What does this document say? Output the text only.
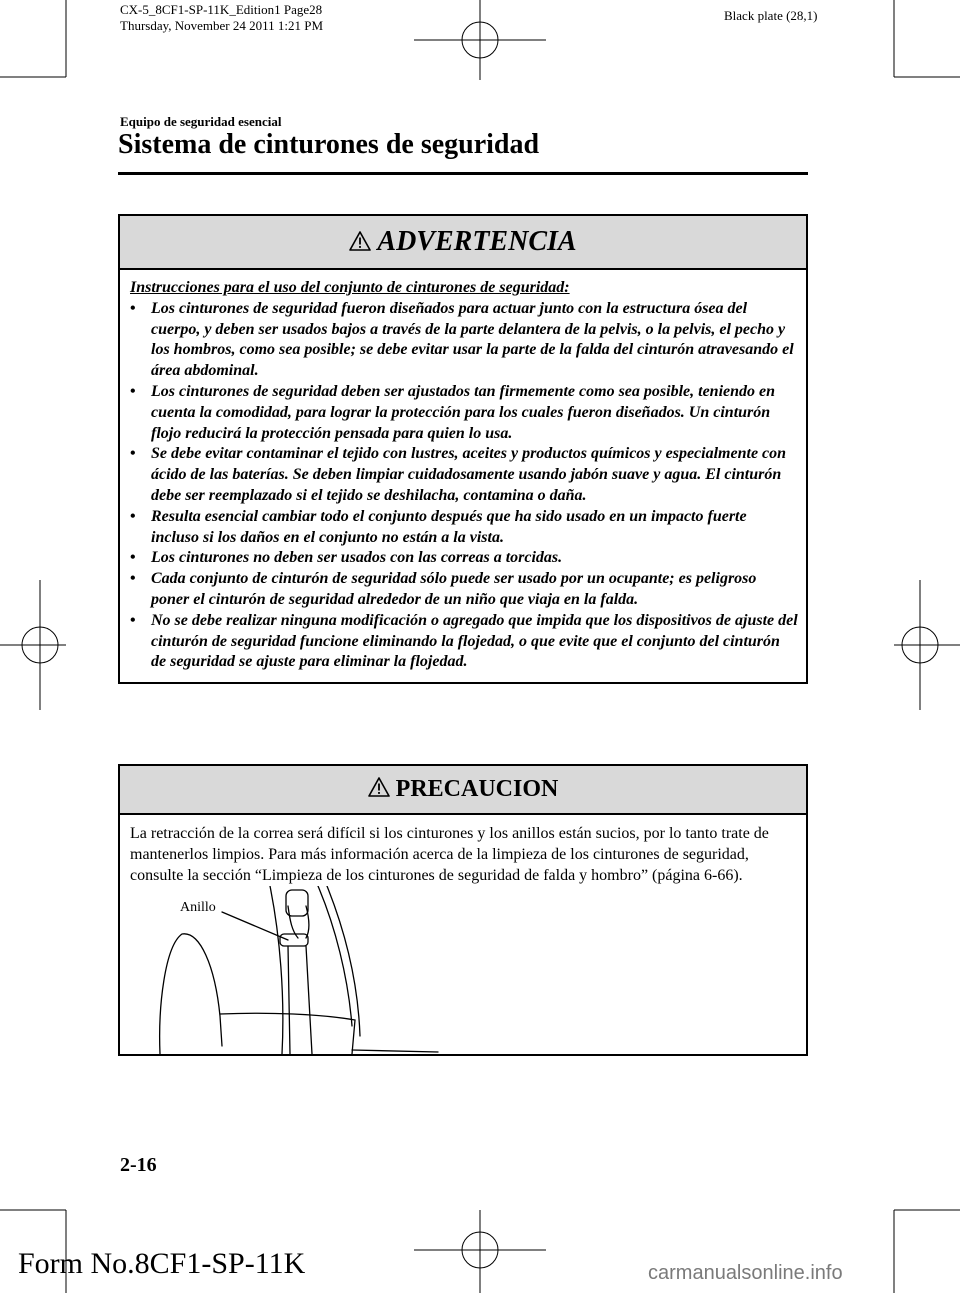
CX-5_8CF1-SP-11K_Edition1 Page28
Thursday, November 24 2011 1:21 PM
Black plate (28,1)
Equipo de seguridad esencial
Sistema de cinturones de seguridad
ADVERTENCIA
Instrucciones para el uso del conjunto de cinturones de seguridad:
• Los cinturones de seguridad fueron diseñados para actuar junto con la estructura ósea del cuerpo, y deben ser usados bajos a través de la parte delantera de la pelvis, o la pelvis, el pecho y los hombros, como sea posible; se debe evitar usar la parte de la falda del cinturón atravesando el área abdominal.
• Los cinturones de seguridad deben ser ajustados tan firmemente como sea posible, teniendo en cuenta la comodidad, para lograr la protección para los cuales fueron diseñados. Un cinturón flojo reducirá la protección pensada para quien lo usa.
• Se debe evitar contaminar el tejido con lustres, aceites y productos químicos y especialmente con ácido de las baterías. Se deben limpiar cuidadosamente usando jabón suave y agua. El cinturón debe ser reemplazado si el tejido se deshilacha, contamina o daña.
• Resulta esencial cambiar todo el conjunto después que ha sido usado en un impacto fuerte incluso si los daños en el conjunto no están a la vista.
• Los cinturones no deben ser usados con las correas a torcidas.
• Cada conjunto de cinturón de seguridad sólo puede ser usado por un ocupante; es peligroso poner el cinturón de seguridad alrededor de un niño que viaja en la falda.
• No se debe realizar ninguna modificación o agregado que impida que los dispositivos de ajuste del cinturón de seguridad funcione eliminando la flojedad, o que evite que el conjunto del cinturón de seguridad se ajuste para eliminar la flojedad.
PRECAUCION
La retracción de la correa será difícil si los cinturones y los anillos están sucios, por lo tanto trate de mantenerlos limpios. Para más información acerca de la limpieza de los cinturones de seguridad, consulte la sección “Limpieza de los cinturones de seguridad de falda y hombro” (página 6-66).
Anillo
2-16
Form No.8CF1-SP-11K	carmanualsonline.info
